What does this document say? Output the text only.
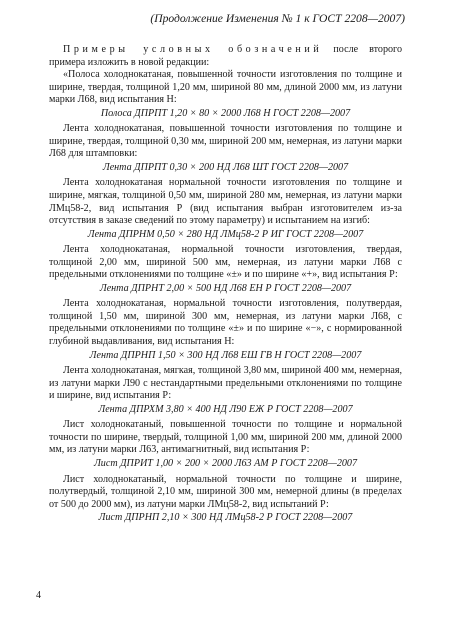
(Продолжение Изменения № 1 к ГОСТ 2208—2007)

Примеры условных обозначений после второго примера изложить в новой редакции:

«Полоса холоднокатаная, повышенной точности изготовления по толщине и ширине, твердая, толщиной 1,20 мм, шириной 80 мм, длиной 2000 мм, из латуни марки Л68, вид испытания Н:

Полоса ДПРПТ 1,20 × 80 × 2000 Л68 Н ГОСТ 2208—2007

Лента холоднокатаная, повышенной точности изготовления по толщине и ширине, твердая, толщиной 0,30 мм, шириной 200 мм, немерная, из латуни марки Л68 для штамповки:

Лента ДПРПТ 0,30 × 200 НД Л68 ШТ ГОСТ 2208—2007

Лента холоднокатаная нормальной точности изготовления по толщине и ширине, мягкая, толщиной 0,50 мм, шириной 280 мм, немерная, из латуни марки ЛМц58-2, вид испытания Р (вид испытания выбран изготовителем из-за отсутствия в заказе сведений по этому параметру) и испытанием на изгиб:

Лента ДПРНМ 0,50 × 280 НД ЛМц58-2 Р ИГ ГОСТ 2208—2007

Лента холоднокатаная, нормальной точности изготовления, твердая, толщиной 2,00 мм, шириной 500 мм, немерная, из латуни марки Л68 с предельными отклонениями по толщине «±» и по ширине «+», вид испытания Р:

Лента ДПРНТ 2,00 × 500 НД Л68 ЕН Р ГОСТ 2208—2007

Лента холоднокатаная, нормальной точности изготовления, полутвердая, толщиной 1,50 мм, шириной 300 мм, немерная, из латуни марки Л68, с предельными отклонениями по толщине «±» и по ширине «−», с нормированной глубиной выдавливания, вид испытания Н:

Лента ДПРНП 1,50 × 300 НД Л68 ЕШ ГВ Н ГОСТ 2208—2007

Лента холоднокатаная, мягкая, толщиной 3,80 мм, шириной 400 мм, немерная, из латуни марки Л90 с нестандартными предельными отклонениями по толщине и ширине, вид испытания Р:

Лента ДПРХМ 3,80 × 400 НД Л90 ЕЖ Р ГОСТ 2208—2007

Лист холоднокатаный, повышенной точности по толщине и нормальной точности по ширине, твердый, толщиной 1,00 мм, шириной 200 мм, длиной 2000 мм, из латуни марки Л63, антимагнитный, вид испытания Р:

Лист ДПРИТ 1,00 × 200 × 2000 Л63 АМ Р ГОСТ 2208—2007

Лист холоднокатаный, нормальной точности по толщине и ширине, полутвердый, толщиной 2,10 мм, шириной 300 мм, немерной длины (в пределах от 500 до 2000 мм), из латуни марки ЛМц58-2, вид испытаний Р:

Лист ДПРНП 2,10 × 300 НД ЛМц58-2 Р ГОСТ 2208—2007
4
